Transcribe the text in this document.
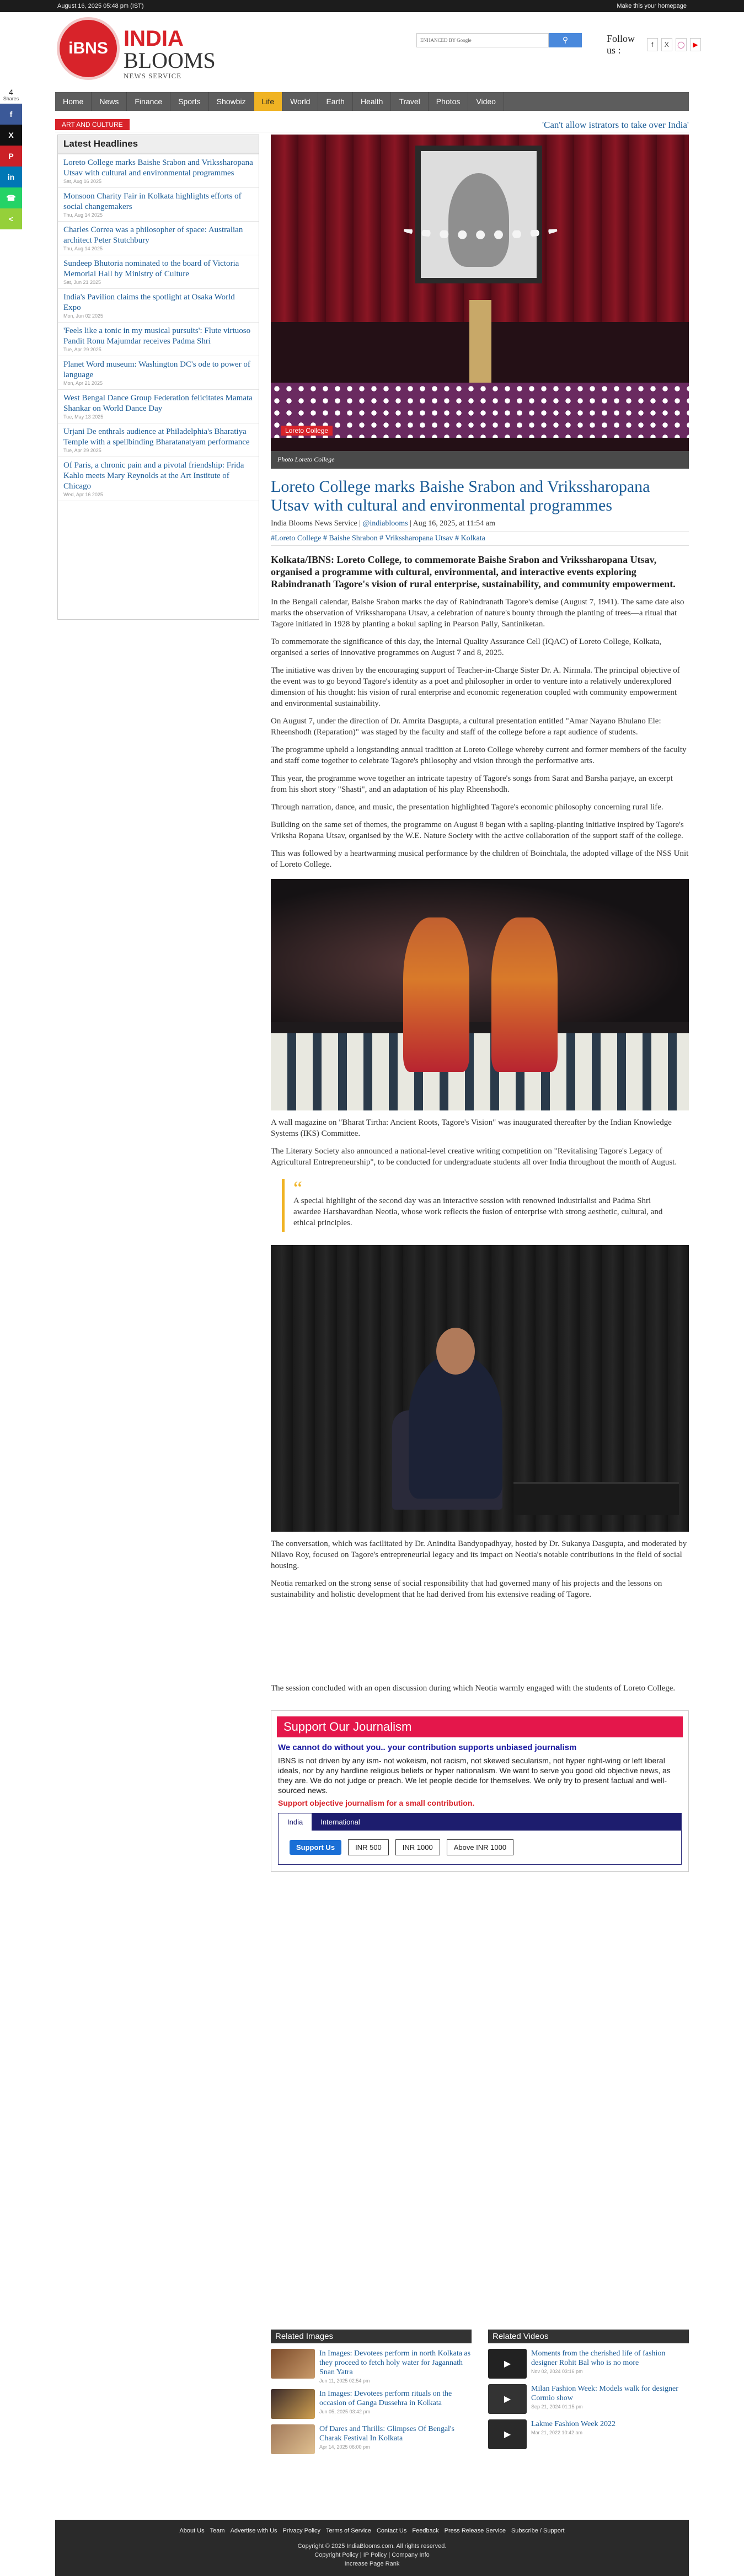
August 16, 2025 05:48 pm (IST)	Make this your homepage
iBNS INDIA
BLOOMS
NEWS SERVICE
ENHANCED BY Google	⚲	Follow us :	f	X	◯	▶
Home	News	Finance	Sports	Showbiz	Life	World	Earth	Health	Travel	Photos	Video
ART AND CULTURE	'Can't allow istrators to take over India'
4
Shares
f
X
P
in
☎
<
Latest Headlines
Loreto College marks Baishe Srabon and Vrikssharopana Utsav with cultural and environmental programmes
Sat, Aug 16 2025
Monsoon Charity Fair in Kolkata highlights efforts of social changemakers
Thu, Aug 14 2025
Charles Correa was a philosopher of space: Australian architect Peter Stutchbury
Thu, Aug 14 2025
Sundeep Bhutoria nominated to the board of Victoria Memorial Hall by Ministry of Culture
Sat, Jun 21 2025
India's Pavilion claims the spotlight at Osaka World Expo
Mon, Jun 02 2025
'Feels like a tonic in my musical pursuits': Flute virtuoso Pandit Ronu Majumdar receives Padma Shri
Tue, Apr 29 2025
Planet Word museum: Washington DC's ode to power of language
Mon, Apr 21 2025
West Bengal Dance Group Federation felicitates Mamata Shankar on World Dance Day
Tue, May 13 2025
Urjani De enthrals audience at Philadelphia's Bharatiya Temple with a spellbinding Bharatanatyam performance
Tue, Apr 29 2025
Of Paris, a chronic pain and a pivotal friendship: Frida Kahlo meets Mary Reynolds at the Art Institute of Chicago
Wed, Apr 16 2025
Loreto College
Photo Loreto College
Loreto College marks Baishe Srabon and Vrikssharopana Utsav with cultural and environmental programmes
India Blooms News Service | @indiablooms | Aug 16, 2025, at 11:54 am
#Loreto College # Baishe Shrabon # Vrikssharopana Utsav # Kolkata
Kolkata/IBNS: Loreto College, to commemorate Baishe Srabon and Vrikssharopana Utsav, organised a programme with cultural, environmental, and interactive events exploring Rabindranath Tagore's vision of rural enterprise, sustainability, and community empowerment.
In the Bengali calendar, Baishe Srabon marks the day of Rabindranath Tagore's demise (August 7, 1941). The same date also marks the observation of Vrikssharopana Utsav, a celebration of nature's bounty through the planting of trees—a ritual that Tagore initiated in 1928 by planting a bokul sapling in Pearson Pally, Santiniketan.
To commemorate the significance of this day, the Internal Quality Assurance Cell (IQAC) of Loreto College, Kolkata, organised a series of innovative programmes on August 7 and 8, 2025.
The initiative was driven by the encouraging support of Teacher-in-Charge Sister Dr. A. Nirmala. The principal objective of the event was to go beyond Tagore's identity as a poet and philosopher in order to venture into a relatively underexplored dimension of his thought: his vision of rural enterprise and economic regeneration coupled with community empowerment and environmental sustainability.
On August 7, under the direction of Dr. Amrita Dasgupta, a cultural presentation entitled "Amar Nayano Bhulano Ele: Rheenshodh (Reparation)" was staged by the faculty and staff of the college before a rapt audience of students.
The programme upheld a longstanding annual tradition at Loreto College whereby current and former members of the faculty and staff come together to celebrate Tagore's philosophy and vision through the performative arts.
This year, the programme wove together an intricate tapestry of Tagore's songs from Sarat and Barsha parjaye, an excerpt from his short story "Shasti", and an adaptation of his play Rheenshodh.
Through narration, dance, and music, the presentation highlighted Tagore's economic philosophy concerning rural life.
Building on the same set of themes, the programme on August 8 began with a sapling-planting initiative inspired by Tagore's Vriksha Ropana Utsav, organised by the W.E. Nature Society with the active collaboration of the support staff of the college.
This was followed by a heartwarming musical performance by the children of Boinchtala, the adopted village of the NSS Unit of Loreto College.
A wall magazine on "Bharat Tirtha: Ancient Roots, Tagore's Vision" was inaugurated thereafter by the Indian Knowledge Systems (IKS) Committee.
The Literary Society also announced a national-level creative writing competition on "Revitalising Tagore's Legacy of Agricultural Entrepreneurship", to be conducted for undergraduate students all over India throughout the month of August.
“
A special highlight of the second day was an interactive session with renowned industrialist and Padma Shri awardee Harshavardhan Neotia, whose work reflects the fusion of enterprise with strong aesthetic, cultural, and ethical principles.
The conversation, which was facilitated by Dr. Anindita Bandyopadhyay, hosted by Dr. Sukanya Dasgupta, and moderated by Nilavo Roy, focused on Tagore's entrepreneurial legacy and its impact on Neotia's notable contributions in the field of social housing.
Neotia remarked on the strong sense of social responsibility that had governed many of his projects and the lessons on sustainability and holistic development that he had derived from his extensive reading of Tagore.
The session concluded with an open discussion during which Neotia warmly engaged with the students of Loreto College.
Support Our Journalism
We cannot do without you.. your contribution supports unbiased journalism
IBNS is not driven by any ism- not wokeism, not racism, not skewed secularism, not hyper right-wing or left liberal ideals, nor by any hardline religious beliefs or hyper nationalism. We want to serve you good old objective news, as they are. We do not judge or preach. We let people decide for themselves. We only try to present factual and well-sourced news.
Support objective journalism for a small contribution.
India	International
Support Us	INR 500	INR 1000	Above INR 1000
Related Images
In Images: Devotees perform in north Kolkata as they proceed to fetch holy water for Jagannath Snan Yatra
Jun 11, 2025 02:54 pm
In Images: Devotees perform rituals on the occasion of Ganga Dussehra in Kolkata
Jun 05, 2025 03:42 pm
Of Dares and Thrills: Glimpses Of Bengal's Charak Festival In Kolkata
Apr 14, 2025 06:00 pm
Related Videos
▶
Moments from the cherished life of fashion designer Rohit Bal who is no more
Nov 02, 2024 03:16 pm
▶
Milan Fashion Week: Models walk for designer Cormio show
Sep 21, 2024 01:15 pm
▶
Lakme Fashion Week 2022
Mar 21, 2022 10:42 am
About Us Team Advertise with Us Privacy Policy Terms of Service Contact Us Feedback Press Release Service Subscribe / Support
Copyright © 2025 IndiaBlooms.com. All rights reserved.
Copyright Policy | IP Policy | Company Info
Increase Page Rank
